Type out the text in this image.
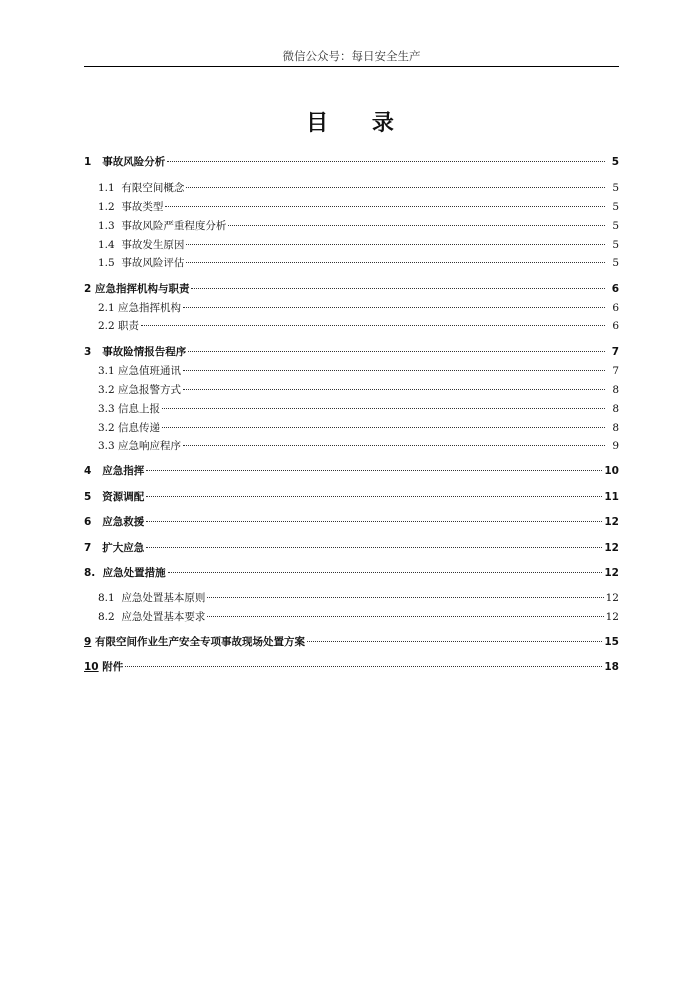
微信公众号：每日安全生产
目 录
1   事故风险分析	5
1.1  有限空间概念	5
1.2  事故类型	5
1.3  事故风险严重程度分析	5
1.4  事故发生原因	5
1.5  事故风险评估	5
2 应急指挥机构与职责	6
2.1 应急指挥机构	6
2.2 职责	6
3   事故险情报告程序	7
3.1 应急值班通讯	7
3.2 应急报警方式	8
3.3 信息上报	8
3.2 信息传递	8
3.3 应急响应程序	9
4   应急指挥	10
5   资源调配	11
6   应急救援	12
7   扩大应急	12
8.  应急处置措施	12
8.1  应急处置基本原则	12
8.2  应急处置基本要求	12
9 有限空间作业生产安全专项事故现场处置方案	15
10 附件	18
